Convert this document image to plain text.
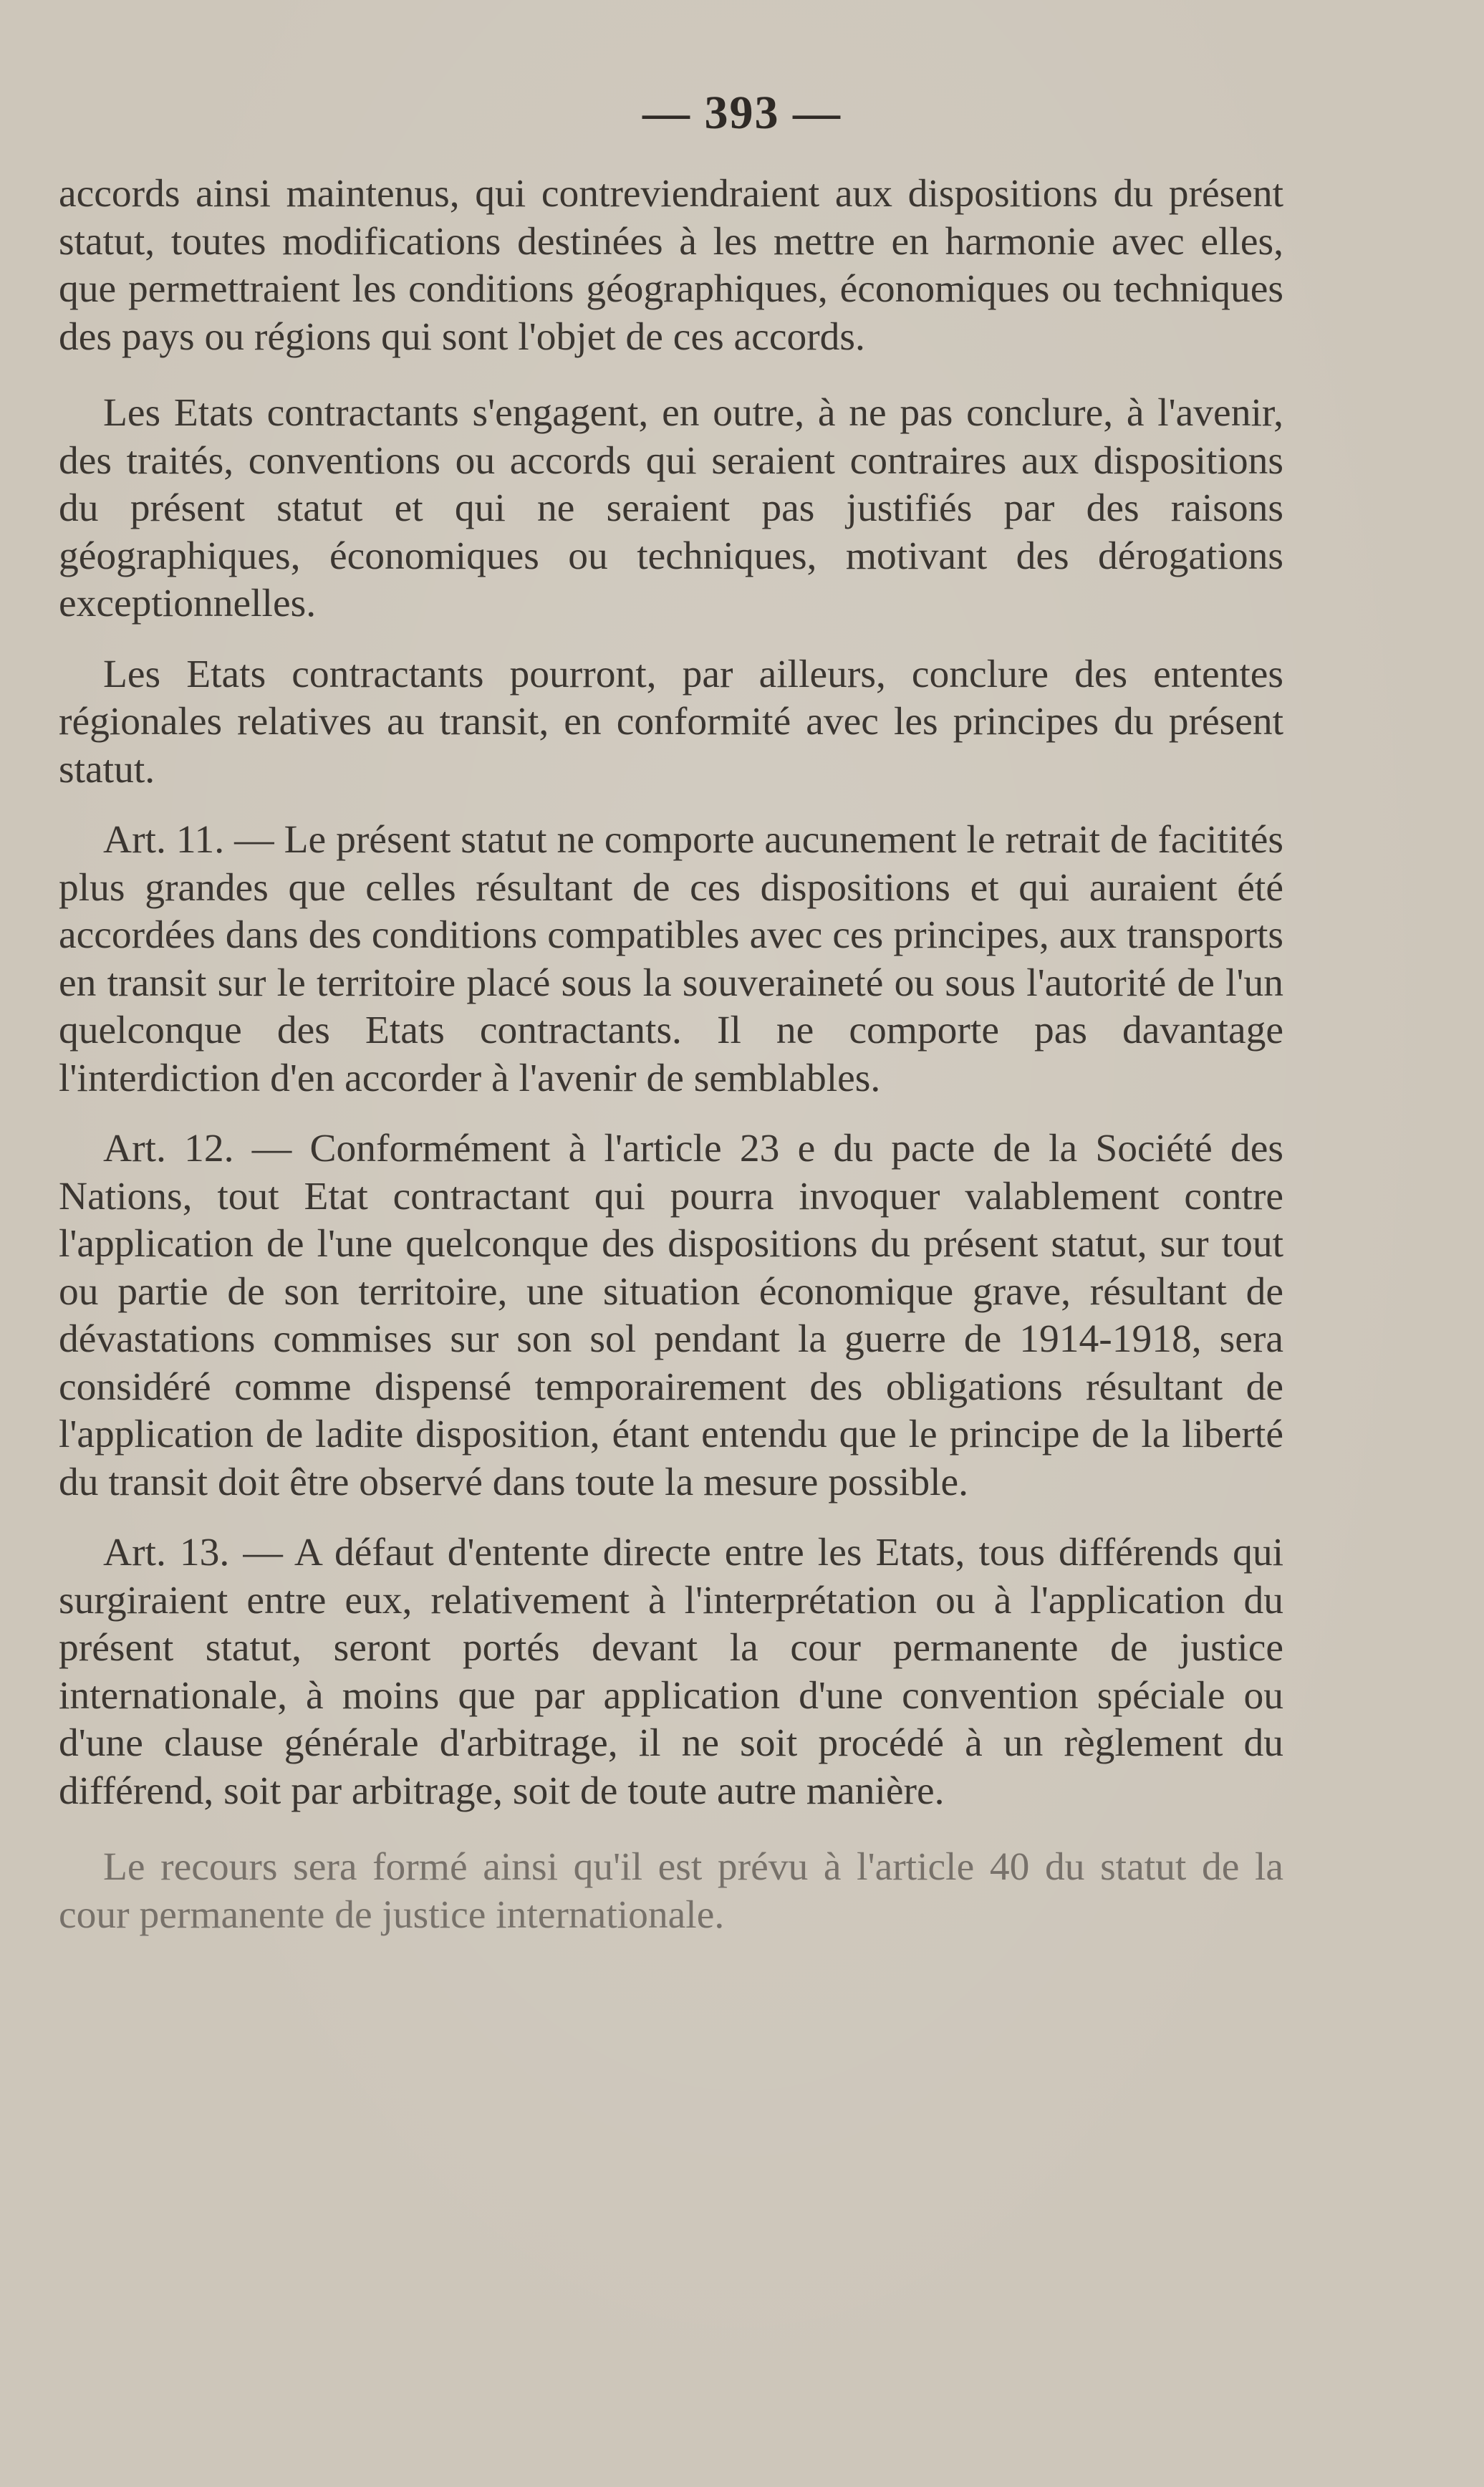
— 393 —

accords ainsi maintenus, qui contreviendraient aux dispositions du présent statut, toutes modifications destinées à les mettre en harmonie avec elles, que permettraient les conditions géographiques, économiques ou techniques des pays ou régions qui sont l'objet de ces accords.

Les Etats contractants s'engagent, en outre, à ne pas conclure, à l'avenir, des traités, conventions ou accords qui seraient contraires aux dispositions du présent statut et qui ne seraient pas justifiés par des raisons géographiques, économiques ou techniques, motivant des dérogations exceptionnelles.

Les Etats contractants pourront, par ailleurs, conclure des ententes régionales relatives au transit, en conformité avec les principes du présent statut.

Art. 11. — Le présent statut ne comporte aucunement le retrait de facitités plus grandes que celles résultant de ces dispositions et qui auraient été accordées dans des conditions compatibles avec ces principes, aux transports en transit sur le territoire placé sous la souveraineté ou sous l'autorité de l'un quelconque des Etats contractants. Il ne comporte pas davantage l'interdiction d'en accorder à l'avenir de semblables.

Art. 12. — Conformément à l'article 23 e du pacte de la Société des Nations, tout Etat contractant qui pourra invoquer valablement contre l'application de l'une quelconque des dispositions du présent statut, sur tout ou partie de son territoire, une situation économique grave, résultant de dévastations commises sur son sol pendant la guerre de 1914-1918, sera considéré comme dispensé temporairement des obligations résultant de l'application de ladite disposition, étant entendu que le principe de la liberté du transit doit être observé dans toute la mesure possible.

Art. 13. — A défaut d'entente directe entre les Etats, tous différends qui surgiraient entre eux, relativement à l'interprétation ou à l'application du présent statut, seront portés devant la cour permanente de justice internationale, à moins que par application d'une convention spéciale ou d'une clause générale d'arbitrage, il ne soit procédé à un règlement du différend, soit par arbitrage, soit de toute autre manière.

Le recours sera formé ainsi qu'il est prévu à l'article 40 du statut de la cour permanente de justice internationale.
